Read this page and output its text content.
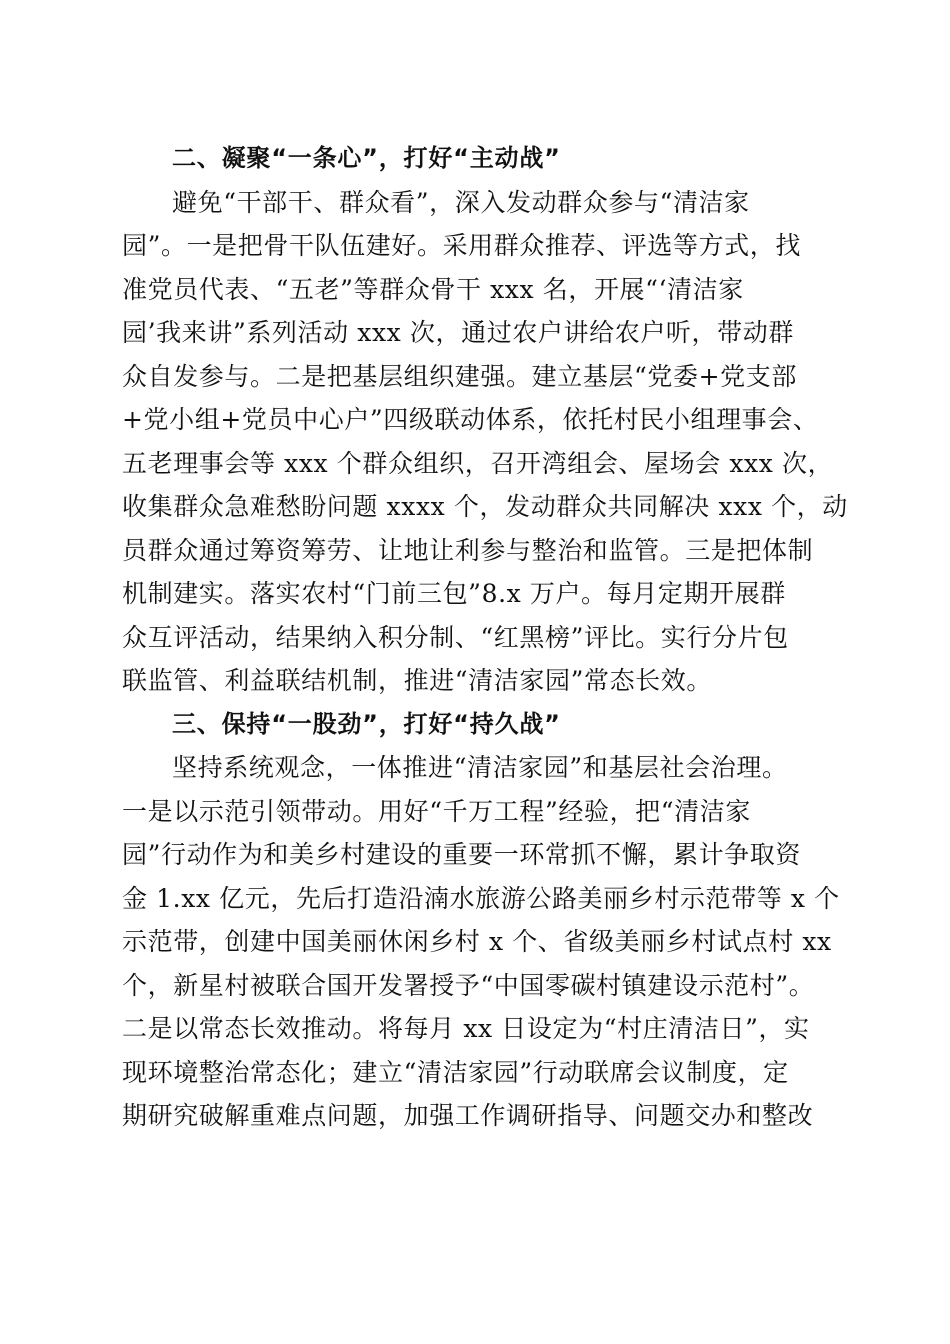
二、凝聚“一条心”，打好“主动战”

避免“干部干、群众看”，深入发动群众参与“清洁家
园”。一是把骨干队伍建好。采用群众推荐、评选等方式，找
准党员代表、“五老”等群众骨干 xxx 名，开展“‘清洁家
园’我来讲”系列活动 xxx 次，通过农户讲给农户听，带动群
众自发参与。二是把基层组织建强。建立基层“党委+党支部
+党小组+党员中心户”四级联动体系，依托村民小组理事会、
五老理事会等 xxx 个群众组织，召开湾组会、屋场会 xxx 次，
收集群众急难愁盼问题 xxxx 个，发动群众共同解决 xxx 个，动
员群众通过筹资筹劳、让地让利参与整治和监管。三是把体制
机制建实。落实农村“门前三包”8.x 万户。每月定期开展群
众互评活动，结果纳入积分制、“红黑榜”评比。实行分片包
联监管、利益联结机制，推进“清洁家园”常态长效。

三、保持“一股劲”，打好“持久战”

坚持系统观念，一体推进“清洁家园”和基层社会治理。
一是以示范引领带动。用好“千万工程”经验，把“清洁家
园”行动作为和美乡村建设的重要一环常抓不懈，累计争取资
金 1.xx 亿元，先后打造沿湳水旅游公路美丽乡村示范带等 x 个
示范带，创建中国美丽休闲乡村 x 个、省级美丽乡村试点村 xx
个，新星村被联合国开发署授予“中国零碳村镇建设示范村”。
二是以常态长效推动。将每月 xx 日设定为“村庄清洁日”，实
现环境整治常态化；建立“清洁家园”行动联席会议制度，定
期研究破解重难点问题，加强工作调研指导、问题交办和整改
